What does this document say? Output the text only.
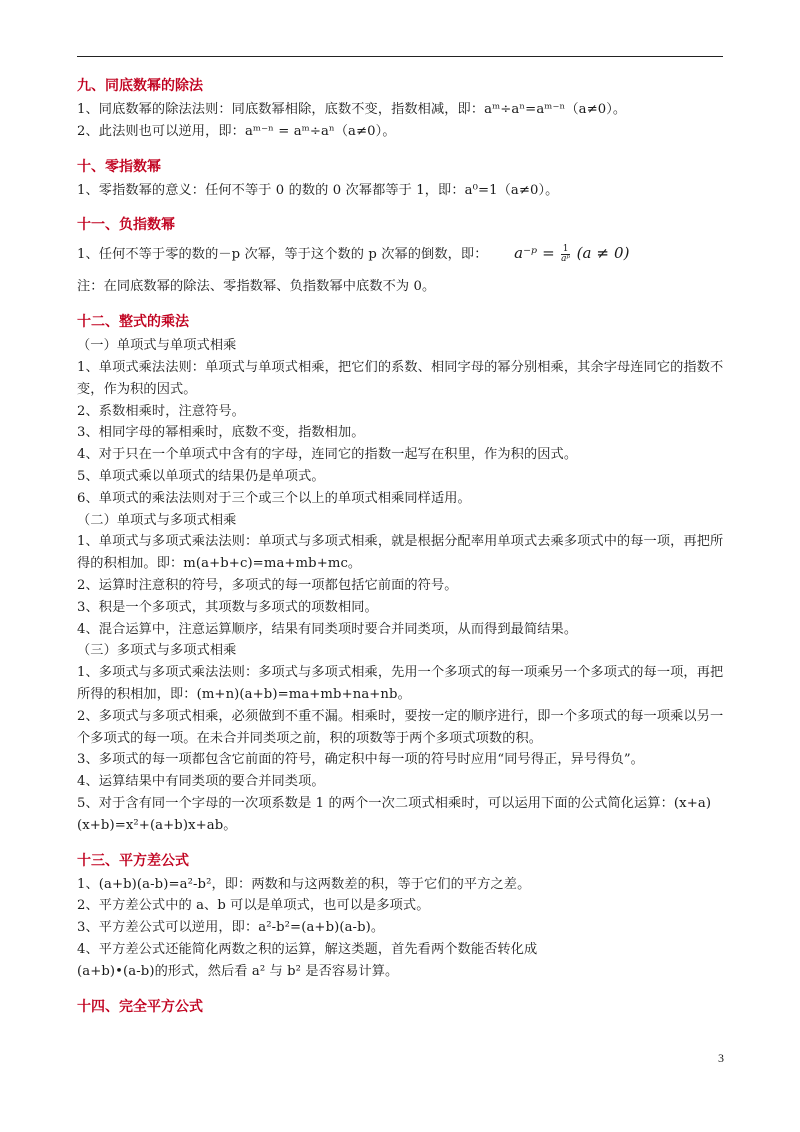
九、同底数幂的除法

1、同底数幂的除法法则：同底数幂相除，底数不变，指数相减，即：aᵐ÷aⁿ=aᵐ⁻ⁿ（a≠0）。

2、此法则也可以逆用，即：aᵐ⁻ⁿ = aᵐ÷aⁿ（a≠0）。

十、零指数幂

1、零指数幂的意义：任何不等于 0 的数的 0 次幂都等于 1，即：a⁰=1（a≠0）。

十一、负指数幂

1、任何不等于零的数的－p 次幂，等于这个数的 p 次幂的倒数，即： a⁻ᵖ = $\frac{1}{\text{aᵖ}} (a \ne 0)$

注：在同底数幂的除法、零指数幂、负指数幂中底数不为 0。

十二、整式的乘法

（一）单项式与单项式相乘

1、单项式乘法法则：单项式与单项式相乘，把它们的系数、相同字母的幂分别相乘，其余字母连同它的指数不变，作为积的因式。

2、系数相乘时，注意符号。

3、相同字母的幂相乘时，底数不变，指数相加。

4、对于只在一个单项式中含有的字母，连同它的指数一起写在积里，作为积的因式。

5、单项式乘以单项式的结果仍是单项式。

6、单项式的乘法法则对于三个或三个以上的单项式相乘同样适用。

（二）单项式与多项式相乘

1、单项式与多项式乘法法则：单项式与多项式相乘，就是根据分配率用单项式去乘多项式中的每一项，再把所得的积相加。即：m(a+b+c)=ma+mb+mc。

2、运算时注意积的符号，多项式的每一项都包括它前面的符号。

3、积是一个多项式，其项数与多项式的项数相同。

4、混合运算中，注意运算顺序，结果有同类项时要合并同类项，从而得到最简结果。

（三）多项式与多项式相乘

1、多项式与多项式乘法法则：多项式与多项式相乘，先用一个多项式的每一项乘另一个多项式的每一项，再把所得的积相加，即：(m+n)(a+b)=ma+mb+na+nb。

2、多项式与多项式相乘，必须做到不重不漏。相乘时，要按一定的顺序进行，即一个多项式的每一项乘以另一个多项式的每一项。在未合并同类项之前，积的项数等于两个多项式项数的积。

3、多项式的每一项都包含它前面的符号，确定积中每一项的符号时应用“同号得正，异号得负”。

4、运算结果中有同类项的要合并同类项。

5、对于含有同一个字母的一次项系数是 1 的两个一次二项式相乘时，可以运用下面的公式简化运算：(x+a)(x+b)=x²+(a+b)x+ab。

十三、平方差公式

1、(a+b)(a-b)=a²-b²，即：两数和与这两数差的积，等于它们的平方之差。

2、平方差公式中的 a、b 可以是单项式，也可以是多项式。

3、平方差公式可以逆用，即：a²-b²=(a+b)(a-b)。

4、平方差公式还能简化两数之积的运算，解这类题，首先看两个数能否转化成

(a+b)•(a-b)的形式，然后看 a² 与 b² 是否容易计算。

十四、完全平方公式
3
